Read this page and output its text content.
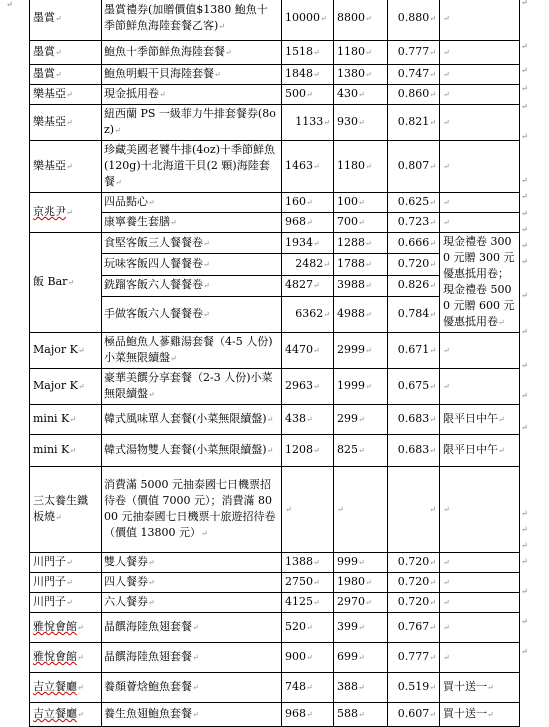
↵
墨賞↵	墨賞禮券(加贈價值$1380 鮑魚十季節鮮魚海陸套餐乙客)↵	10000↵	8800↵	0.880↵	↵
墨賞↵	鮑魚十季節鮮魚海陸套餐↵	1518↵	1180↵	0.777↵	↵
墨賞↵	鮑魚明蝦干貝海陸套餐↵	1848↵	1380↵	0.747↵	↵
樂基亞↵	現金抵用卷↵	500↵	430↵	0.860↵	↵
樂基亞↵	紐西蘭 PS 一級菲力牛排套餐券(8oz)↵	1133↵	930↵	0.821↵	↵
樂基亞↵	珍藏美國老饕牛排(4oz)十季節鮮魚(120g)十北海道干貝(2 顆)海陸套餐↵	1463↵	1180↵	0.807↵	↵
京兆尹↵	四品點心↵	160↵	100↵	0.625↵	↵
	康寧養生套膳↵	968↵	700↵	0.723↵	↵
飯 Bar↵	食堅客飯三人餐餐卷↵	1934↵	1288↵	0.666↵	現金禮卷 3000 元贈 300 元優惠抵用卷；現金禮卷 5000 元贈 600 元優惠抵用卷↵
	玩味客飯四人餐餐卷↵	2482↵	1788↵	0.720↵	
	銑蹓客飯六人餐餐卷↵	4827↵	3988↵	0.826↵	
	手做客飯六人餐餐卷↵	6362↵	4988↵	0.784↵	
Major K↵	極品鮑魚人蔘雞湯套餐（4-5 人份)小菜無限續盤↵	4470↵	2999↵	0.671↵	↵
Major K↵	豪華美饌分享套餐（2-3 人份)小菜無限續盤↵	2963↵	1999↵	0.675↵	↵
mini K↵	韓式風味單人套餐(小菜無限續盤)↵	438↵	299↵	0.683↵	限平日中午↵
mini K↵	韓式湯物雙人套餐(小菜無限續盤)↵	1208↵	825↵	0.683↵	限平日中午↵
三太養生鐵板燒↵	消費滿 5000 元抽泰國七日機票招待卷（價值 7000 元）；消費滿 8000 元抽泰國七日機票十旅遊招待卷（價值 13800 元）↵	↵	↵	↵	↵
川門子↵	雙人餐券↵	1388↵	999↵	0.720↵	↵
川門子↵	四人餐券↵	2750↵	1980↵	0.720↵	↵
川門子↵	六人餐券↵	4125↵	2970↵	0.720↵	↵
雅悅會館↵	晶饌海陸魚翅套餐↵	520↵	399↵	0.767↵	↵
雅悅會館↵	晶饌海陸魚翅套餐↵	900↵	699↵	0.777↵	↵
吉立餐廳↵	養顏薈焓鮑魚套餐↵	748↵	388↵	0.519↵	買十送一↵
吉立餐廳↵	養生魚翅鮑魚套餐↵	968↵	588↵	0.607↵	買十送一↵
↵
↵
↵
↵
↵
↵
↵
↵
↵
↵
↵
↵
↵
↵
↵
↵
↵
↵
↵
↵
↵
↵
↵
↵
